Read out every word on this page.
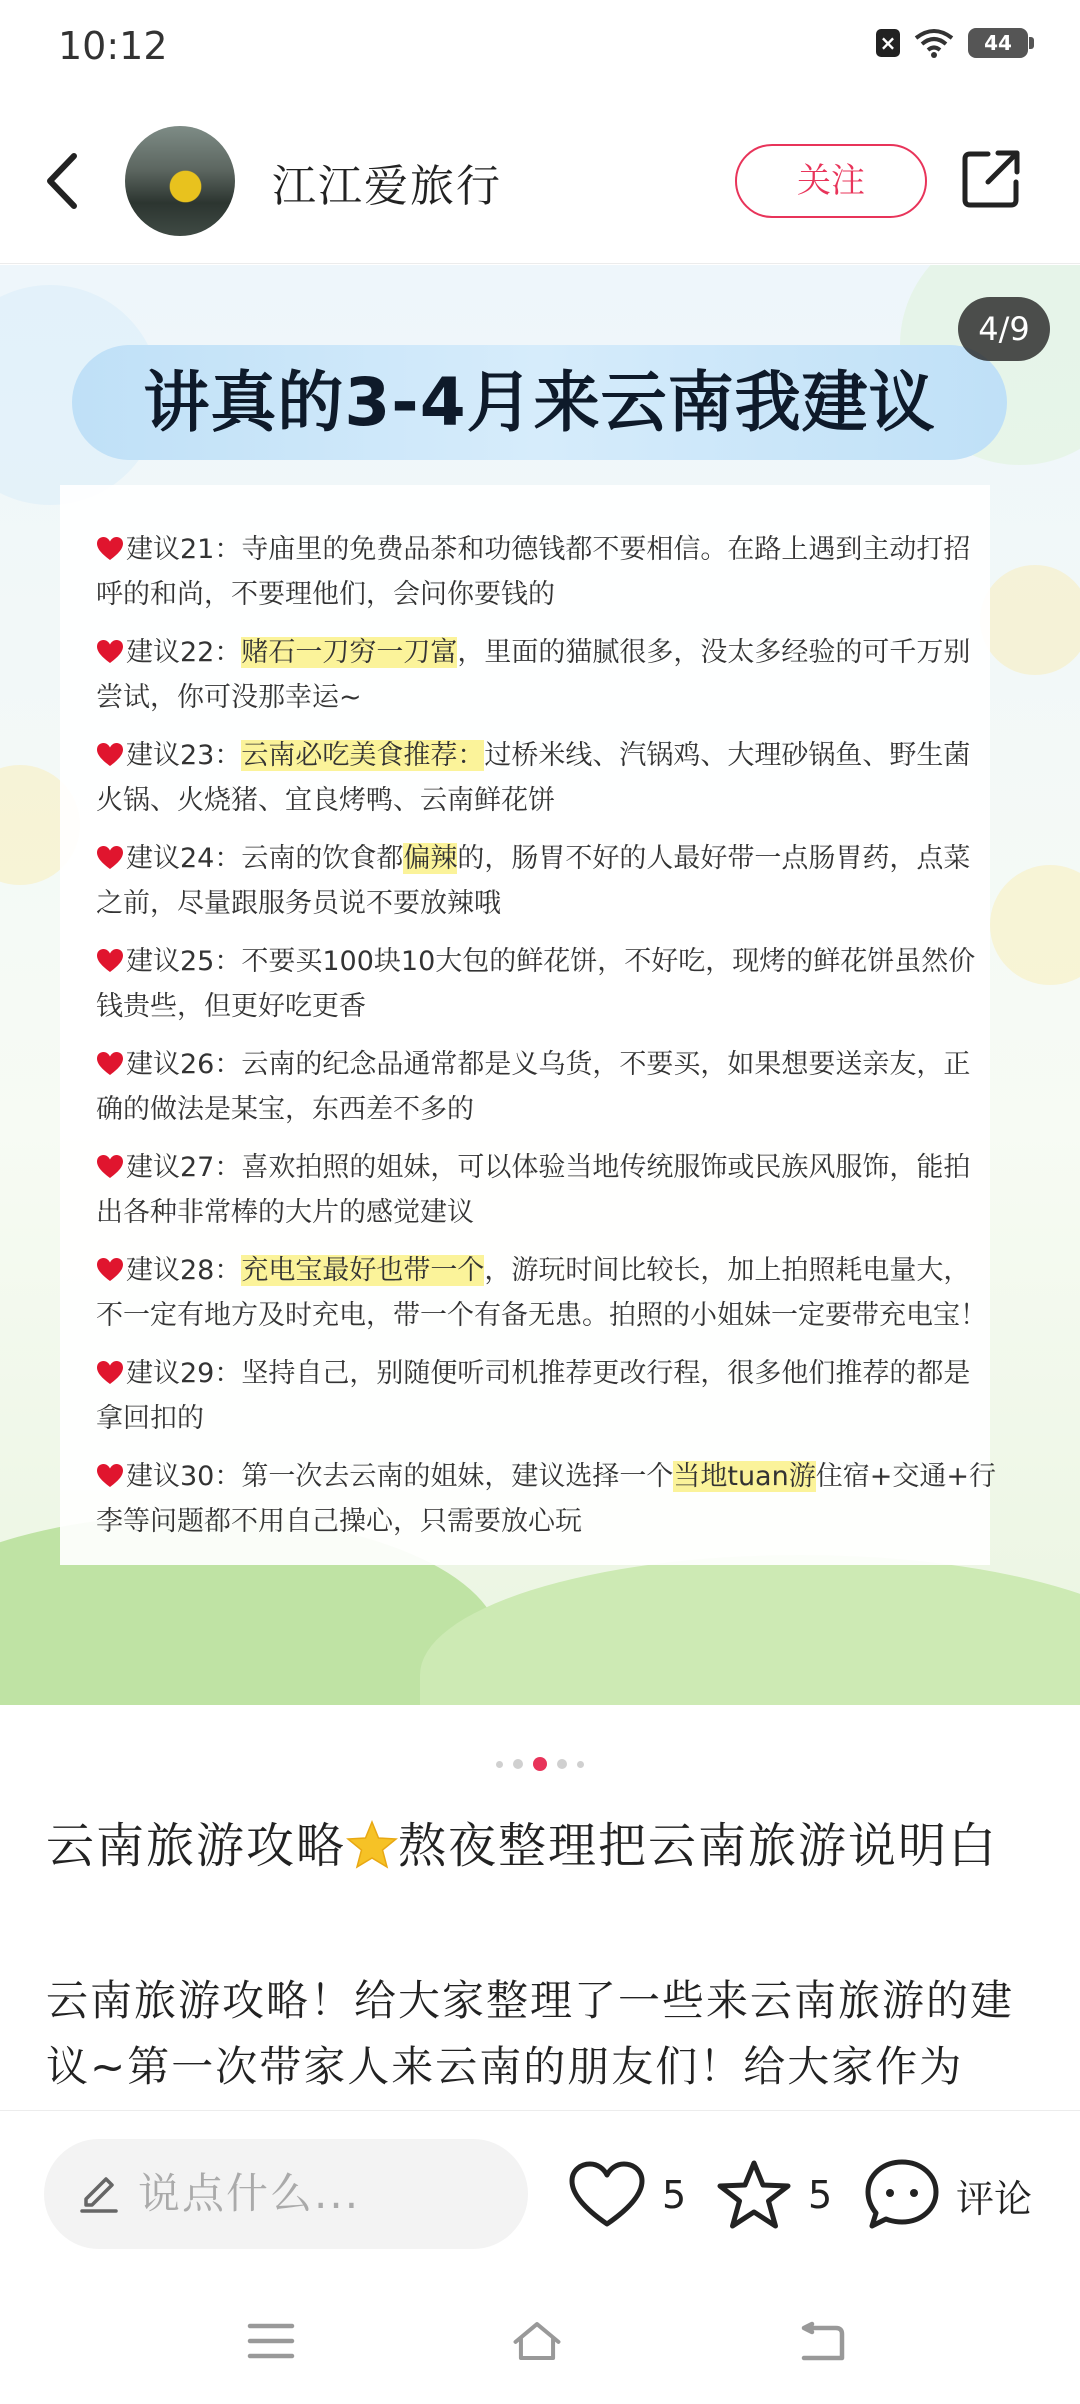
10:12	×	44
江江爱旅行	关注
讲真的3-4月来云南我建议
4/9
建议21：寺庙里的免费品茶和功德钱都不要相信。在路上遇到主动打招呼的和尚，不要理他们，会问你要钱的
建议22：赌石一刀穷一刀富，里面的猫腻很多，没太多经验的可千万别尝试，你可没那幸运~
建议23：云南必吃美食推荐：过桥米线、汽锅鸡、大理砂锅鱼、野生菌火锅、火烧猪、宜良烤鸭、云南鲜花饼
建议24：云南的饮食都偏辣的，肠胃不好的人最好带一点肠胃药，点菜之前，尽量跟服务员说不要放辣哦
建议25：不要买100块10大包的鲜花饼，不好吃，现烤的鲜花饼虽然价钱贵些，但更好吃更香
建议26：云南的纪念品通常都是义乌货，不要买，如果想要送亲友，正确的做法是某宝，东西差不多的
建议27：喜欢拍照的姐妹，可以体验当地传统服饰或民族风服饰，能拍出各种非常棒的大片的感觉建议
建议28：充电宝最好也带一个，游玩时间比较长，加上拍照耗电量大，不一定有地方及时充电，带一个有备无患。拍照的小姐妹一定要带充电宝！
建议29：坚持自己，别随便听司机推荐更改行程，很多他们推荐的都是拿回扣的
建议30：第一次去云南的姐妹，建议选择一个当地tuan游住宿+交通+行李等问题都不用自己操心，只需要放心玩
云南旅游攻略 熬夜整理把云南旅游说明白
云南旅游攻略！给大家整理了一些来云南旅游的建议~第一次带家人来云南的朋友们！给大家作为
说点什么...	5	5	评论
